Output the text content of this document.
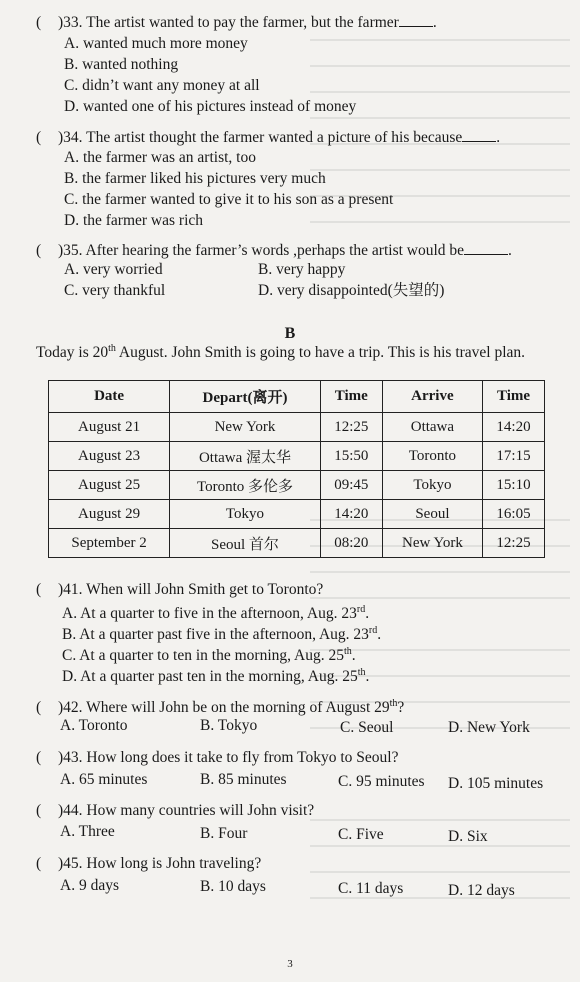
( )33. The artist wanted to pay the farmer, but the farmer .
A. wanted much more money
B. wanted nothing
C. didn’t want any money at all
D. wanted one of his pictures instead of money
( )34. The artist thought the farmer wanted a picture of his because .
A. the farmer was an artist, too
B. the farmer liked his pictures very much
C. the farmer wanted to give it to his son as a present
D. the farmer was rich
( )35. After hearing the farmer’s words ,perhaps the artist would be	.
A. very worried	B. very happy
C. very thankful	D. very disappointed(失望的)
B
Today is 20th August. John Smith is going to have a trip. This is his travel plan.
Date	Depart(离开)	Time	Arrive	Time
August 21	New York	12:25	Ottawa	14:20
August 23	Ottawa 渥太华	15:50	Toronto	17:15
August 25	Toronto 多伦多	09:45	Tokyo	15:10
August 29	Tokyo	14:20	Seoul	16:05
September 2	Seoul 首尔	08:20	New York	12:25
( )41. When will John Smith get to Toronto?
A. At a quarter to five in the afternoon, Aug. 23rd.
B. At a quarter past five in the afternoon, Aug. 23rd.
C. At a quarter to ten in the morning, Aug. 25th.
D. At a quarter past ten in the morning, Aug. 25th.
( )42. Where will John be on the morning of August 29th?
A. Toronto	B. Tokyo	C. Seoul	D. New York
( )43. How long does it take to fly from Tokyo to Seoul?
A. 65 minutes	B. 85 minutes	C. 95 minutes D. 105 minutes
( )44. How many countries will John visit?
A. Three	B. Four	C. Five	D. Six
( )45. How long is John traveling?
A. 9 days	B. 10 days	C. 11 days	D. 12 days
3
